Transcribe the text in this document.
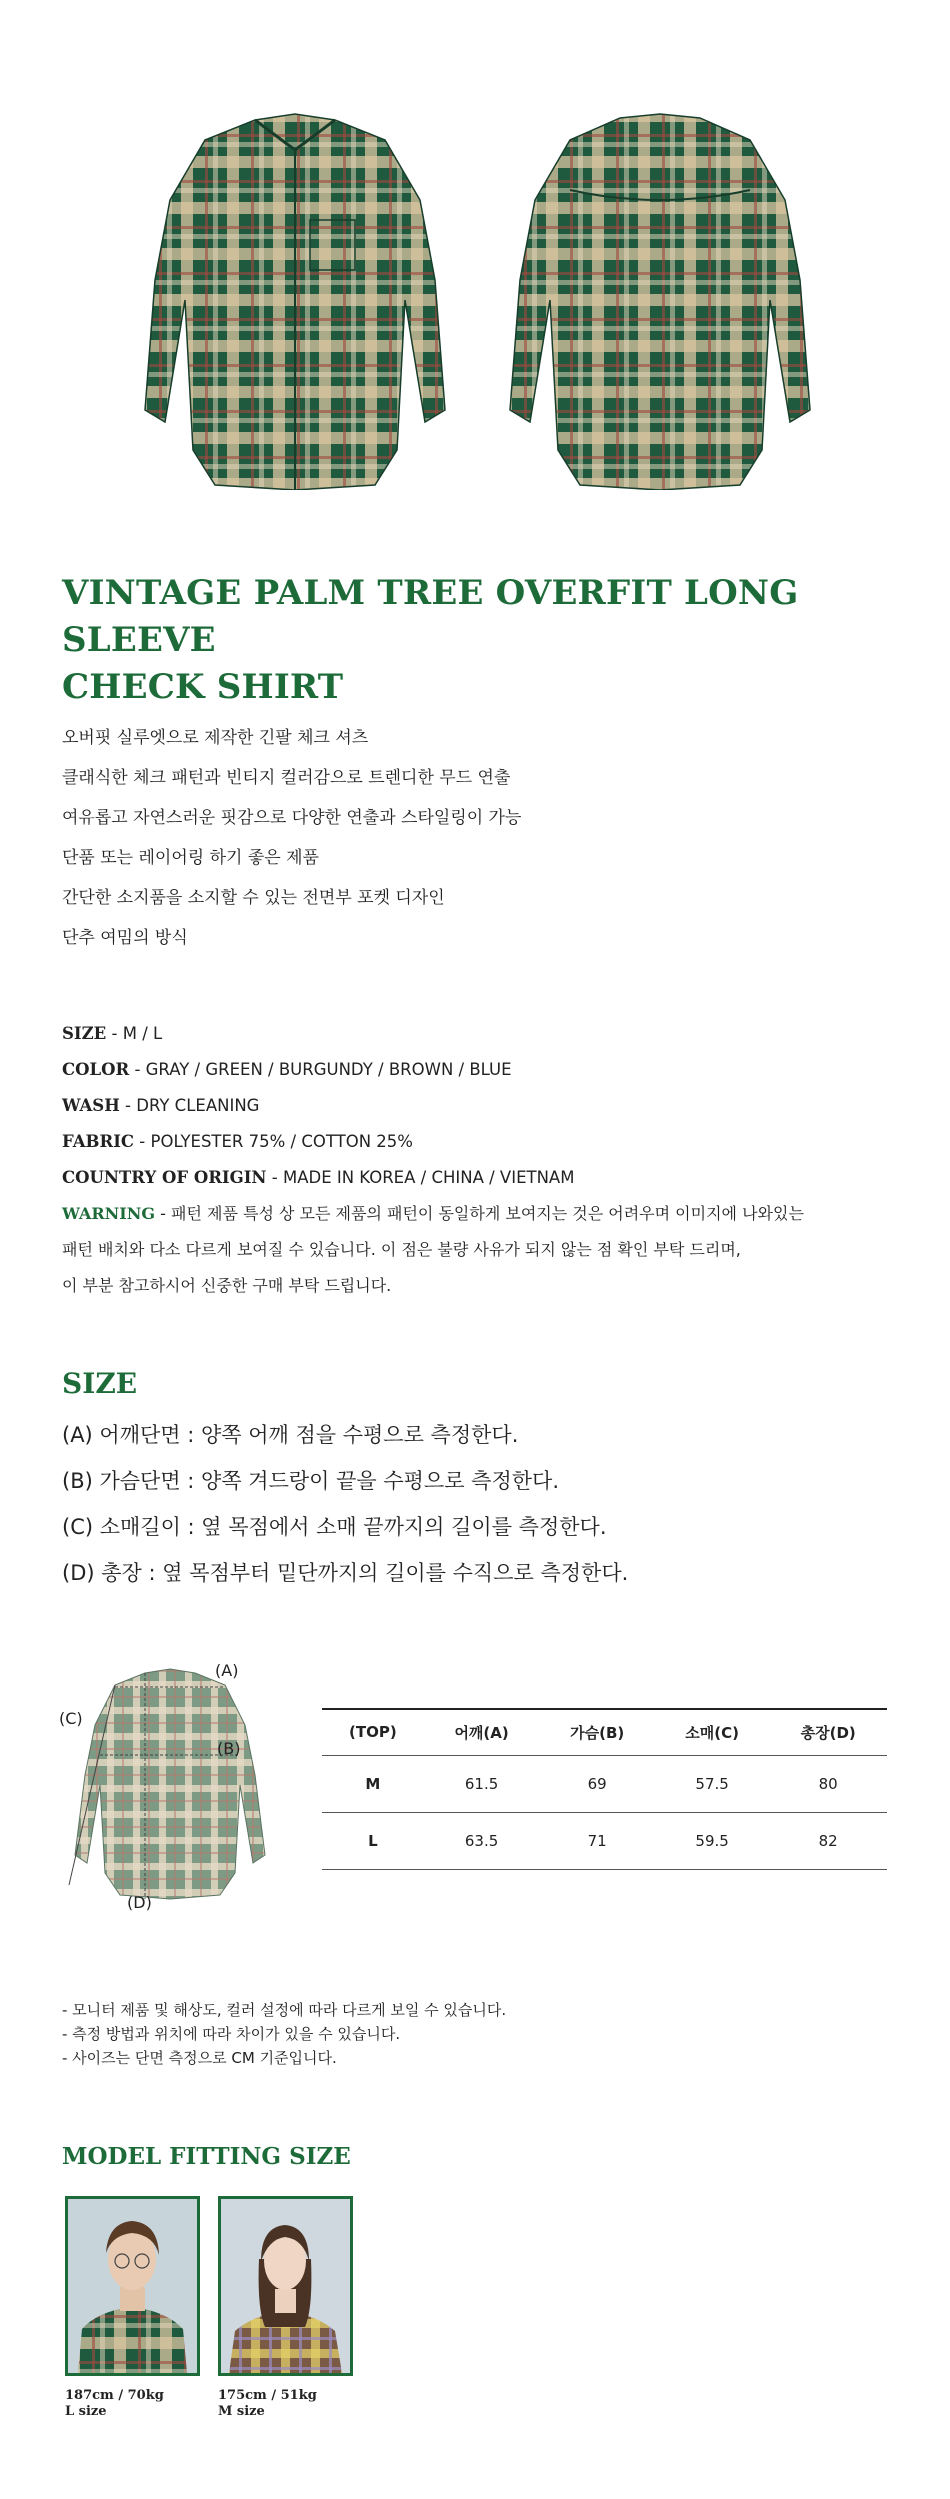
VINTAGE PALM TREE OVERFIT LONG SLEEVE
CHECK SHIRT
오버핏 실루엣으로 제작한 긴팔 체크 셔츠
클래식한 체크 패턴과 빈티지 컬러감으로 트렌디한 무드 연출
여유롭고 자연스러운 핏감으로 다양한 연출과 스타일링이 가능
단품 또는 레이어링 하기 좋은 제품
간단한 소지품을 소지할 수 있는 전면부 포켓 디자인
단추 여밈의 방식
SIZE - M / L
COLOR - GRAY / GREEN / BURGUNDY / BROWN / BLUE
WASH - DRY CLEANING
FABRIC - POLYESTER 75% / COTTON 25%
COUNTRY OF ORIGIN - MADE IN KOREA / CHINA / VIETNAM
WARNING - 패턴 제품 특성 상 모든 제품의 패턴이 동일하게 보여지는 것은 어려우며 이미지에 나와있는
패턴 배치와 다소 다르게 보여질 수 있습니다. 이 점은 불량 사유가 되지 않는 점 확인 부탁 드리며,
이 부분 참고하시어 신중한 구매 부탁 드립니다.
SIZE
(A) 어깨단면 : 양쪽 어깨 점을 수평으로 측정한다.
(B) 가슴단면 : 양쪽 겨드랑이 끝을 수평으로 측정한다.
(C) 소매길이 : 옆 목점에서 소매 끝까지의 길이를 측정한다.
(D) 총장 : 옆 목점부터 밑단까지의 길이를 수직으로 측정한다.
(A)
(B)
(C)
(D)
(TOP)	어깨(A)	가슴(B)	소매(C)	총장(D)
M	61.5	69	57.5	80
L	63.5	71	59.5	82
- 모니터 제품 및 해상도, 컬러 설정에 따라 다르게 보일 수 있습니다.
- 측정 방법과 위치에 따라 차이가 있을 수 있습니다.
- 사이즈는 단면 측정으로 CM 기준입니다.
MODEL FITTING SIZE
187cm / 70kg
L size
175cm / 51kg
M size
